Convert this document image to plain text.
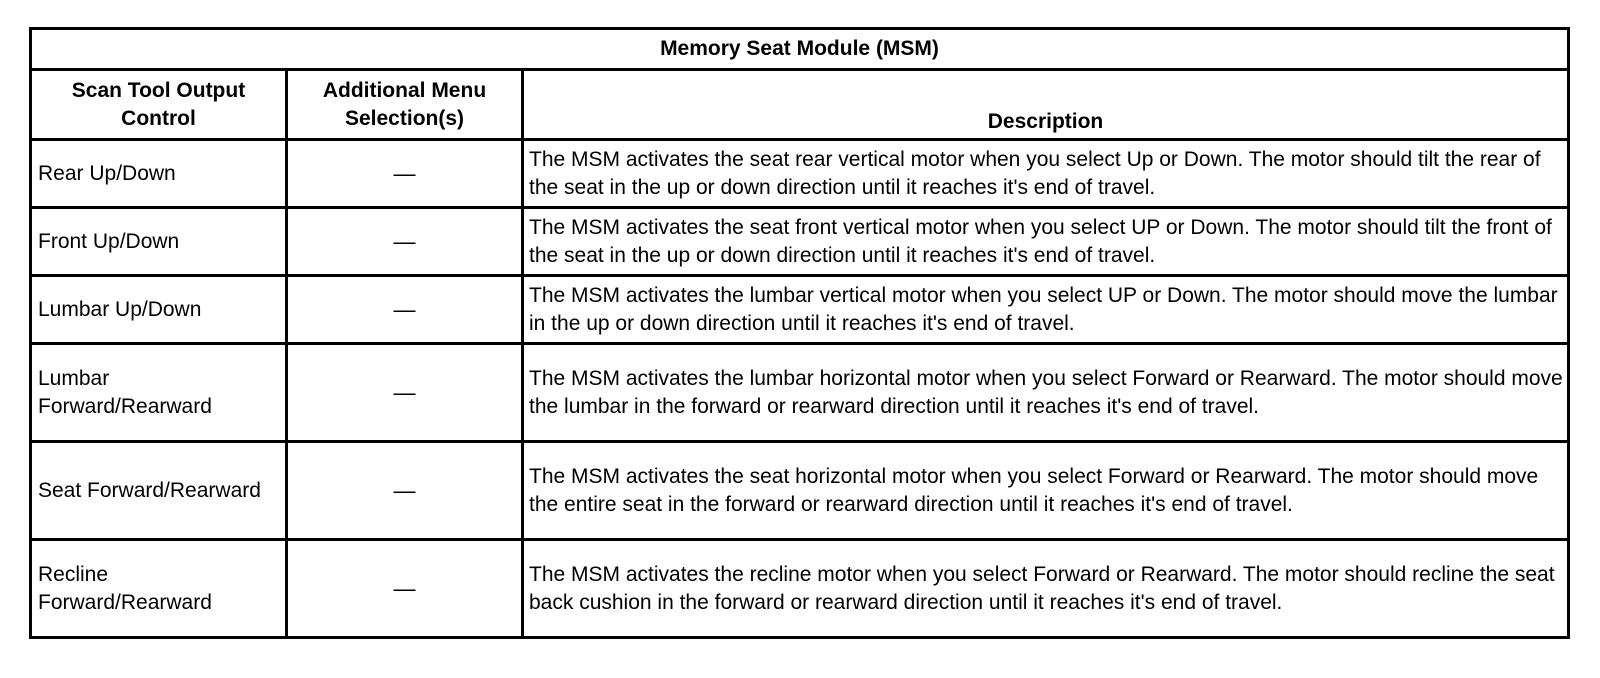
Memory Seat Module (MSM)		
Scan Tool Output Control	Additional Menu Selection(s)	Description
Rear Up/Down	—	The MSM activates the seat rear vertical motor when you select Up or Down. The motor should tilt the rear of the seat in the up or down direction until it reaches it's end of travel.
Front Up/Down	—	The MSM activates the seat front vertical motor when you select UP or Down. The motor should tilt the front of the seat in the up or down direction until it reaches it's end of travel.
Lumbar Up/Down	—	The MSM activates the lumbar vertical motor when you select UP or Down. The motor should move the lumbar in the up or down direction until it reaches it's end of travel.
Lumbar Forward/Rearward	—	The MSM activates the lumbar horizontal motor when you select Forward or Rearward. The motor should move the lumbar in the forward or rearward direction until it reaches it's end of travel.
Seat Forward/Rearward	—	The MSM activates the seat horizontal motor when you select Forward or Rearward. The motor should move the entire seat in the forward or rearward direction until it reaches it's end of travel.
Recline Forward/Rearward	—	The MSM activates the recline motor when you select Forward or Rearward. The motor should recline the seat back cushion in the forward or rearward direction until it reaches it's end of travel.
